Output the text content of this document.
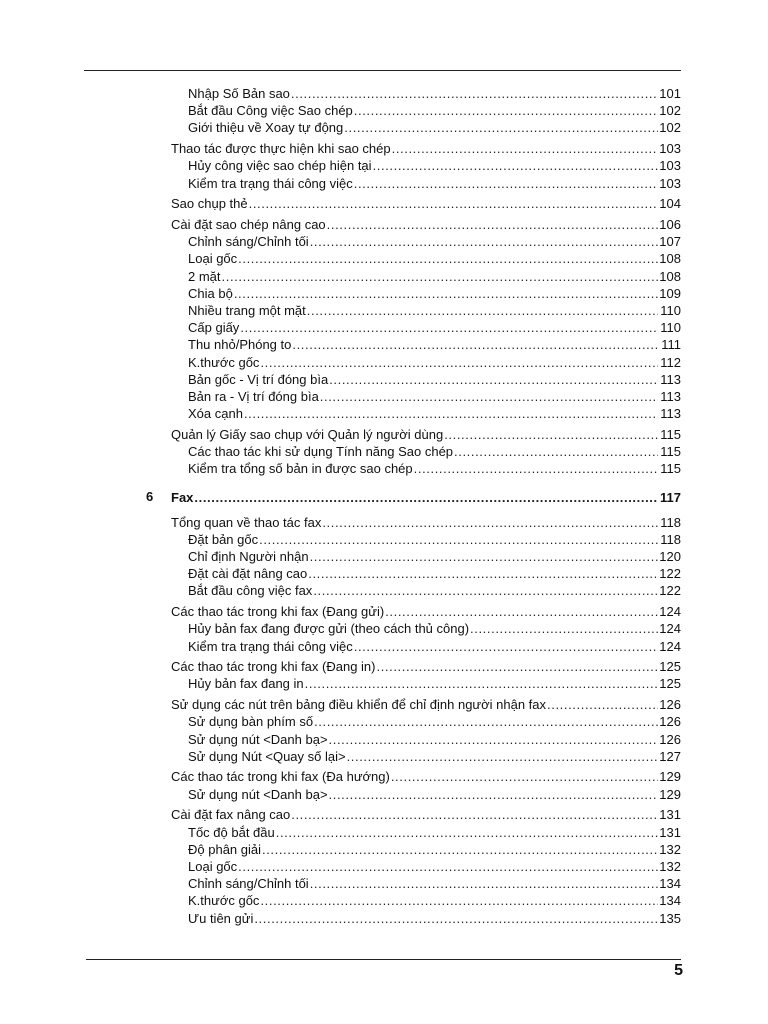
Nhập Số Bản sao .....	101
Bắt đầu Công việc Sao chép .....	102
Giới thiệu về Xoay tự động .....	102
Thao tác được thực hiện khi sao chép .....	103
Hủy công việc sao chép hiện tại .....	103
Kiểm tra trạng thái công việc .....	103
Sao chụp thẻ .....	104
Cài đặt sao chép nâng cao .....	106
Chỉnh sáng/Chỉnh tối .....	107
Loại gốc .....	108
2 mặt .....	108
Chia bộ .....	109
Nhiều trang một mặt .....	110
Cấp giấy .....	110
Thu nhỏ/Phóng to .....	111
K.thước gốc .....	112
Bản gốc - Vị trí đóng bìa .....	113
Bản ra - Vị trí đóng bìa .....	113
Xóa cạnh .....	113
Quản lý Giấy sao chụp với Quản lý người dùng .....	115
Các thao tác khi sử dụng Tính năng Sao chép .....	115
Kiểm tra tổng số bản in được sao chép .....	115
Fax .....	117
6
Tổng quan về thao tác fax .....	118
Đặt bản gốc .....	118
Chỉ định Người nhận .....	120
Đặt cài đặt nâng cao .....	122
Bắt đầu công việc fax .....	122
Các thao tác trong khi fax (Đang gửi) .....	124
Hủy bản fax đang được gửi (theo cách thủ công) .....	124
Kiểm tra trạng thái công việc .....	124
Các thao tác trong khi fax (Đang in) .....	125
Hủy bản fax đang in .....	125
Sử dụng các nút trên bảng điều khiển để chỉ định người nhận fax .....	126
Sử dụng bàn phím số .....	126
Sử dụng nút <Danh bạ> .....	126
Sử dụng Nút <Quay số lại> .....	127
Các thao tác trong khi fax (Đa hướng) .....	129
Sử dụng nút <Danh bạ> .....	129
Cài đặt fax nâng cao .....	131
Tốc độ bắt đầu .....	131
Độ phân giải .....	132
Loại gốc .....	132
Chỉnh sáng/Chỉnh tối .....	134
K.thước gốc .....	134
Ưu tiên gửi .....	135
5
